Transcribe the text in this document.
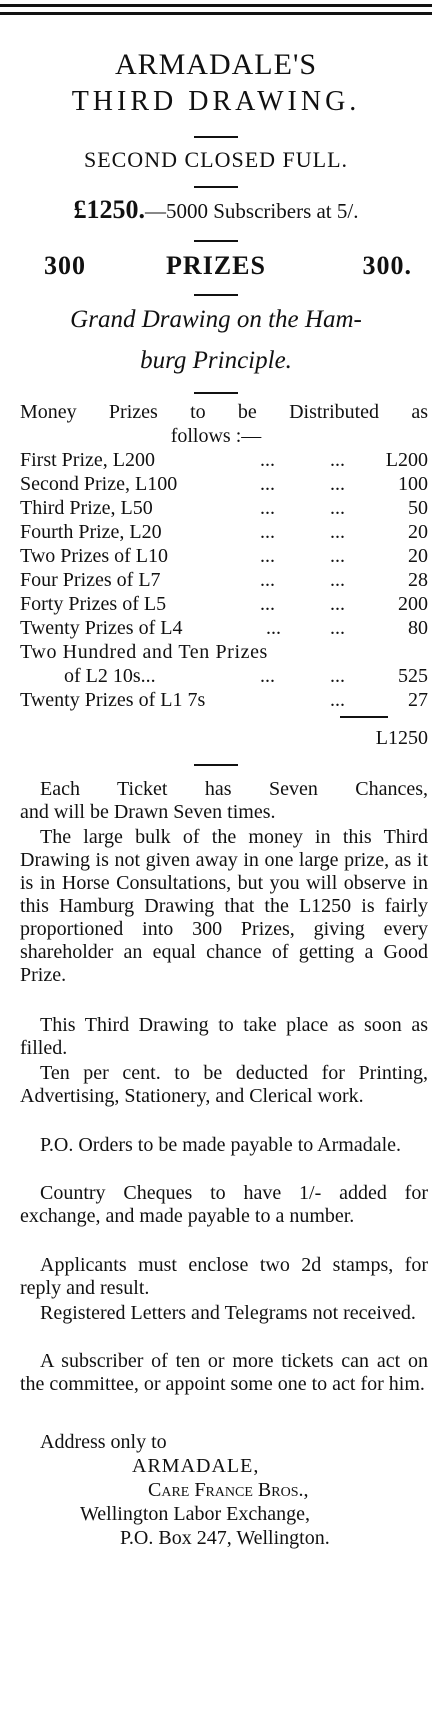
ARMADALE'S
THIRD DRAWING.
SECOND CLOSED FULL.
£1250.—5000 Subscribers at 5/.
300	PRIZES	300.
Grand Drawing on the Ham-
burg Principle.
Money Prizes to be Distributed as
follows :—
First Prize, L200	...	... L200
Second Prize, L100	...	...	100
Third Prize, L50	...	...	50
Fourth Prize, L20	...	...	20
Two Prizes of L10	...	...	20
Four Prizes of L7	...	...	28
Forty Prizes of L5	...	...	200
Twenty Prizes of L4	... ...	80
Two Hundred and Ten Prizes
of L2 10s...	...	...	525
Twenty Prizes of L1 7s	...	27
L1250
Each Ticket has Seven Chances,
and will be Drawn Seven times.
The large bulk of the money in this Third Drawing is not given away in one large prize, as it is in Horse Consultations, but you will observe in this Hamburg Drawing that the L1250 is fairly proportioned into 300 Prizes, giving every shareholder an equal chance of getting a Good Prize.
This Third Drawing to take place as soon as filled.
Ten per cent. to be deducted for Printing, Advertising, Stationery, and Clerical work.
P.O. Orders to be made payable to Armadale.
Country Cheques to have 1/- added for exchange, and made payable to a number.
Applicants must enclose two 2d stamps, for reply and result.
Registered Letters and Telegrams not received.
A subscriber of ten or more tickets can act on the committee, or appoint some one to act for him.
Address only to
ARMADALE,
Care France Bros.,
Wellington Labor Exchange,
P.O. Box 247, Wellington.
